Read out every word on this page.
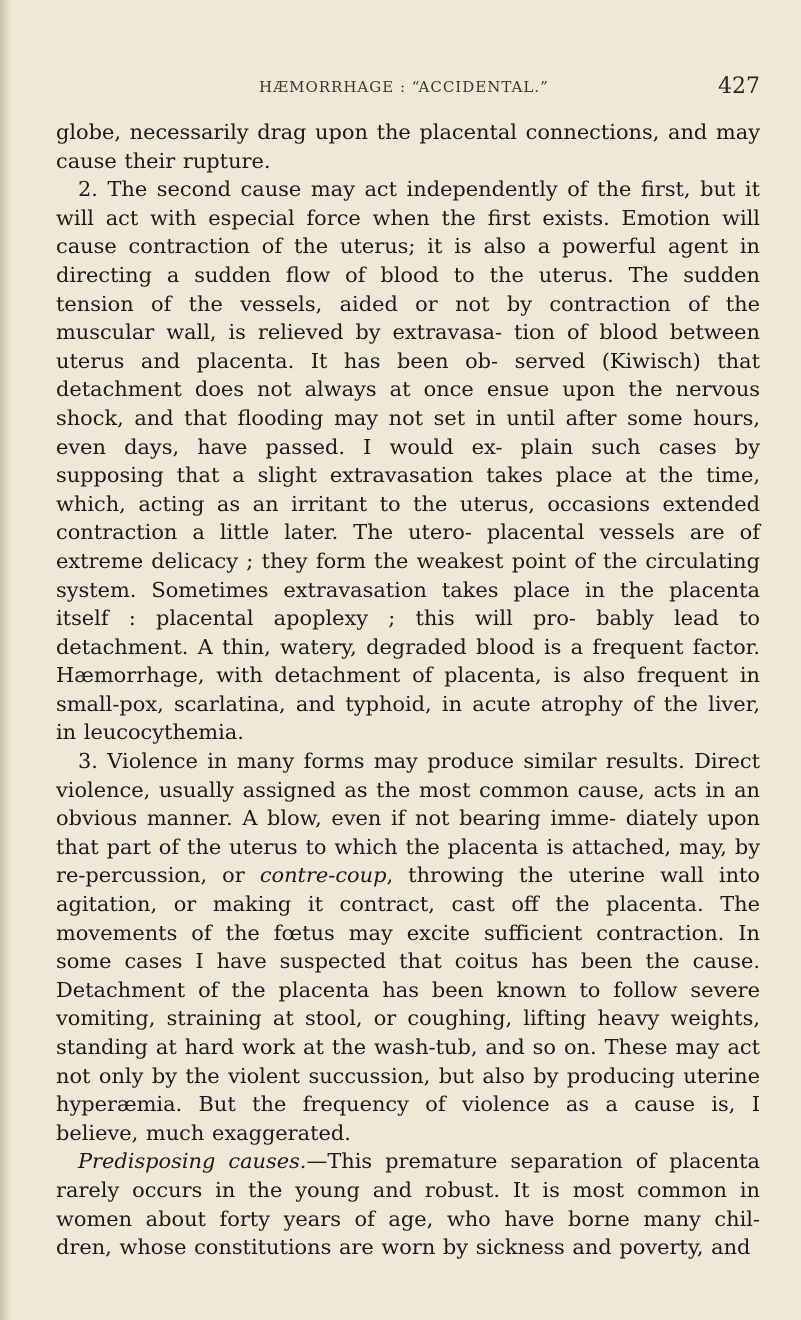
HÆMORRHAGE : “ACCIDENTAL.”	427

globe, necessarily drag upon the placental connections, and may cause their rupture.

2. The second cause may act independently of the first, but it will act with especial force when the first exists. Emotion will cause contraction of the uterus; it is also a powerful agent in directing a sudden flow of blood to the uterus. The sudden tension of the vessels, aided or not by contraction of the muscular wall, is relieved by extravasa- tion of blood between uterus and placenta. It has been ob- served (Kiwisch) that detachment does not always at once ensue upon the nervous shock, and that flooding may not set in until after some hours, even days, have passed. I would ex- plain such cases by supposing that a slight extravasation takes place at the time, which, acting as an irritant to the uterus, occasions extended contraction a little later. The utero- placental vessels are of extreme delicacy ; they form the weakest point of the circulating system. Sometimes extravasation takes place in the placenta itself : placental apoplexy ; this will pro- bably lead to detachment. A thin, watery, degraded blood is a frequent factor. Hæmorrhage, with detachment of placenta, is also frequent in small-pox, scarlatina, and typhoid, in acute atrophy of the liver, in leucocythemia.

3. Violence in many forms may produce similar results. Direct violence, usually assigned as the most common cause, acts in an obvious manner. A blow, even if not bearing imme- diately upon that part of the uterus to which the placenta is attached, may, by re-percussion, or contre-coup, throwing the uterine wall into agitation, or making it contract, cast off the placenta. The movements of the fœtus may excite sufficient contraction. In some cases I have suspected that coitus has been the cause. Detachment of the placenta has been known to follow severe vomiting, straining at stool, or coughing, lifting heavy weights, standing at hard work at the wash-tub, and so on. These may act not only by the violent succussion, but also by producing uterine hyperæmia. But the frequency of violence as a cause is, I believe, much exaggerated.

Predisposing causes.—This premature separation of placenta rarely occurs in the young and robust. It is most common in women about forty years of age, who have borne many chil- dren, whose constitutions are worn by sickness and poverty, and
